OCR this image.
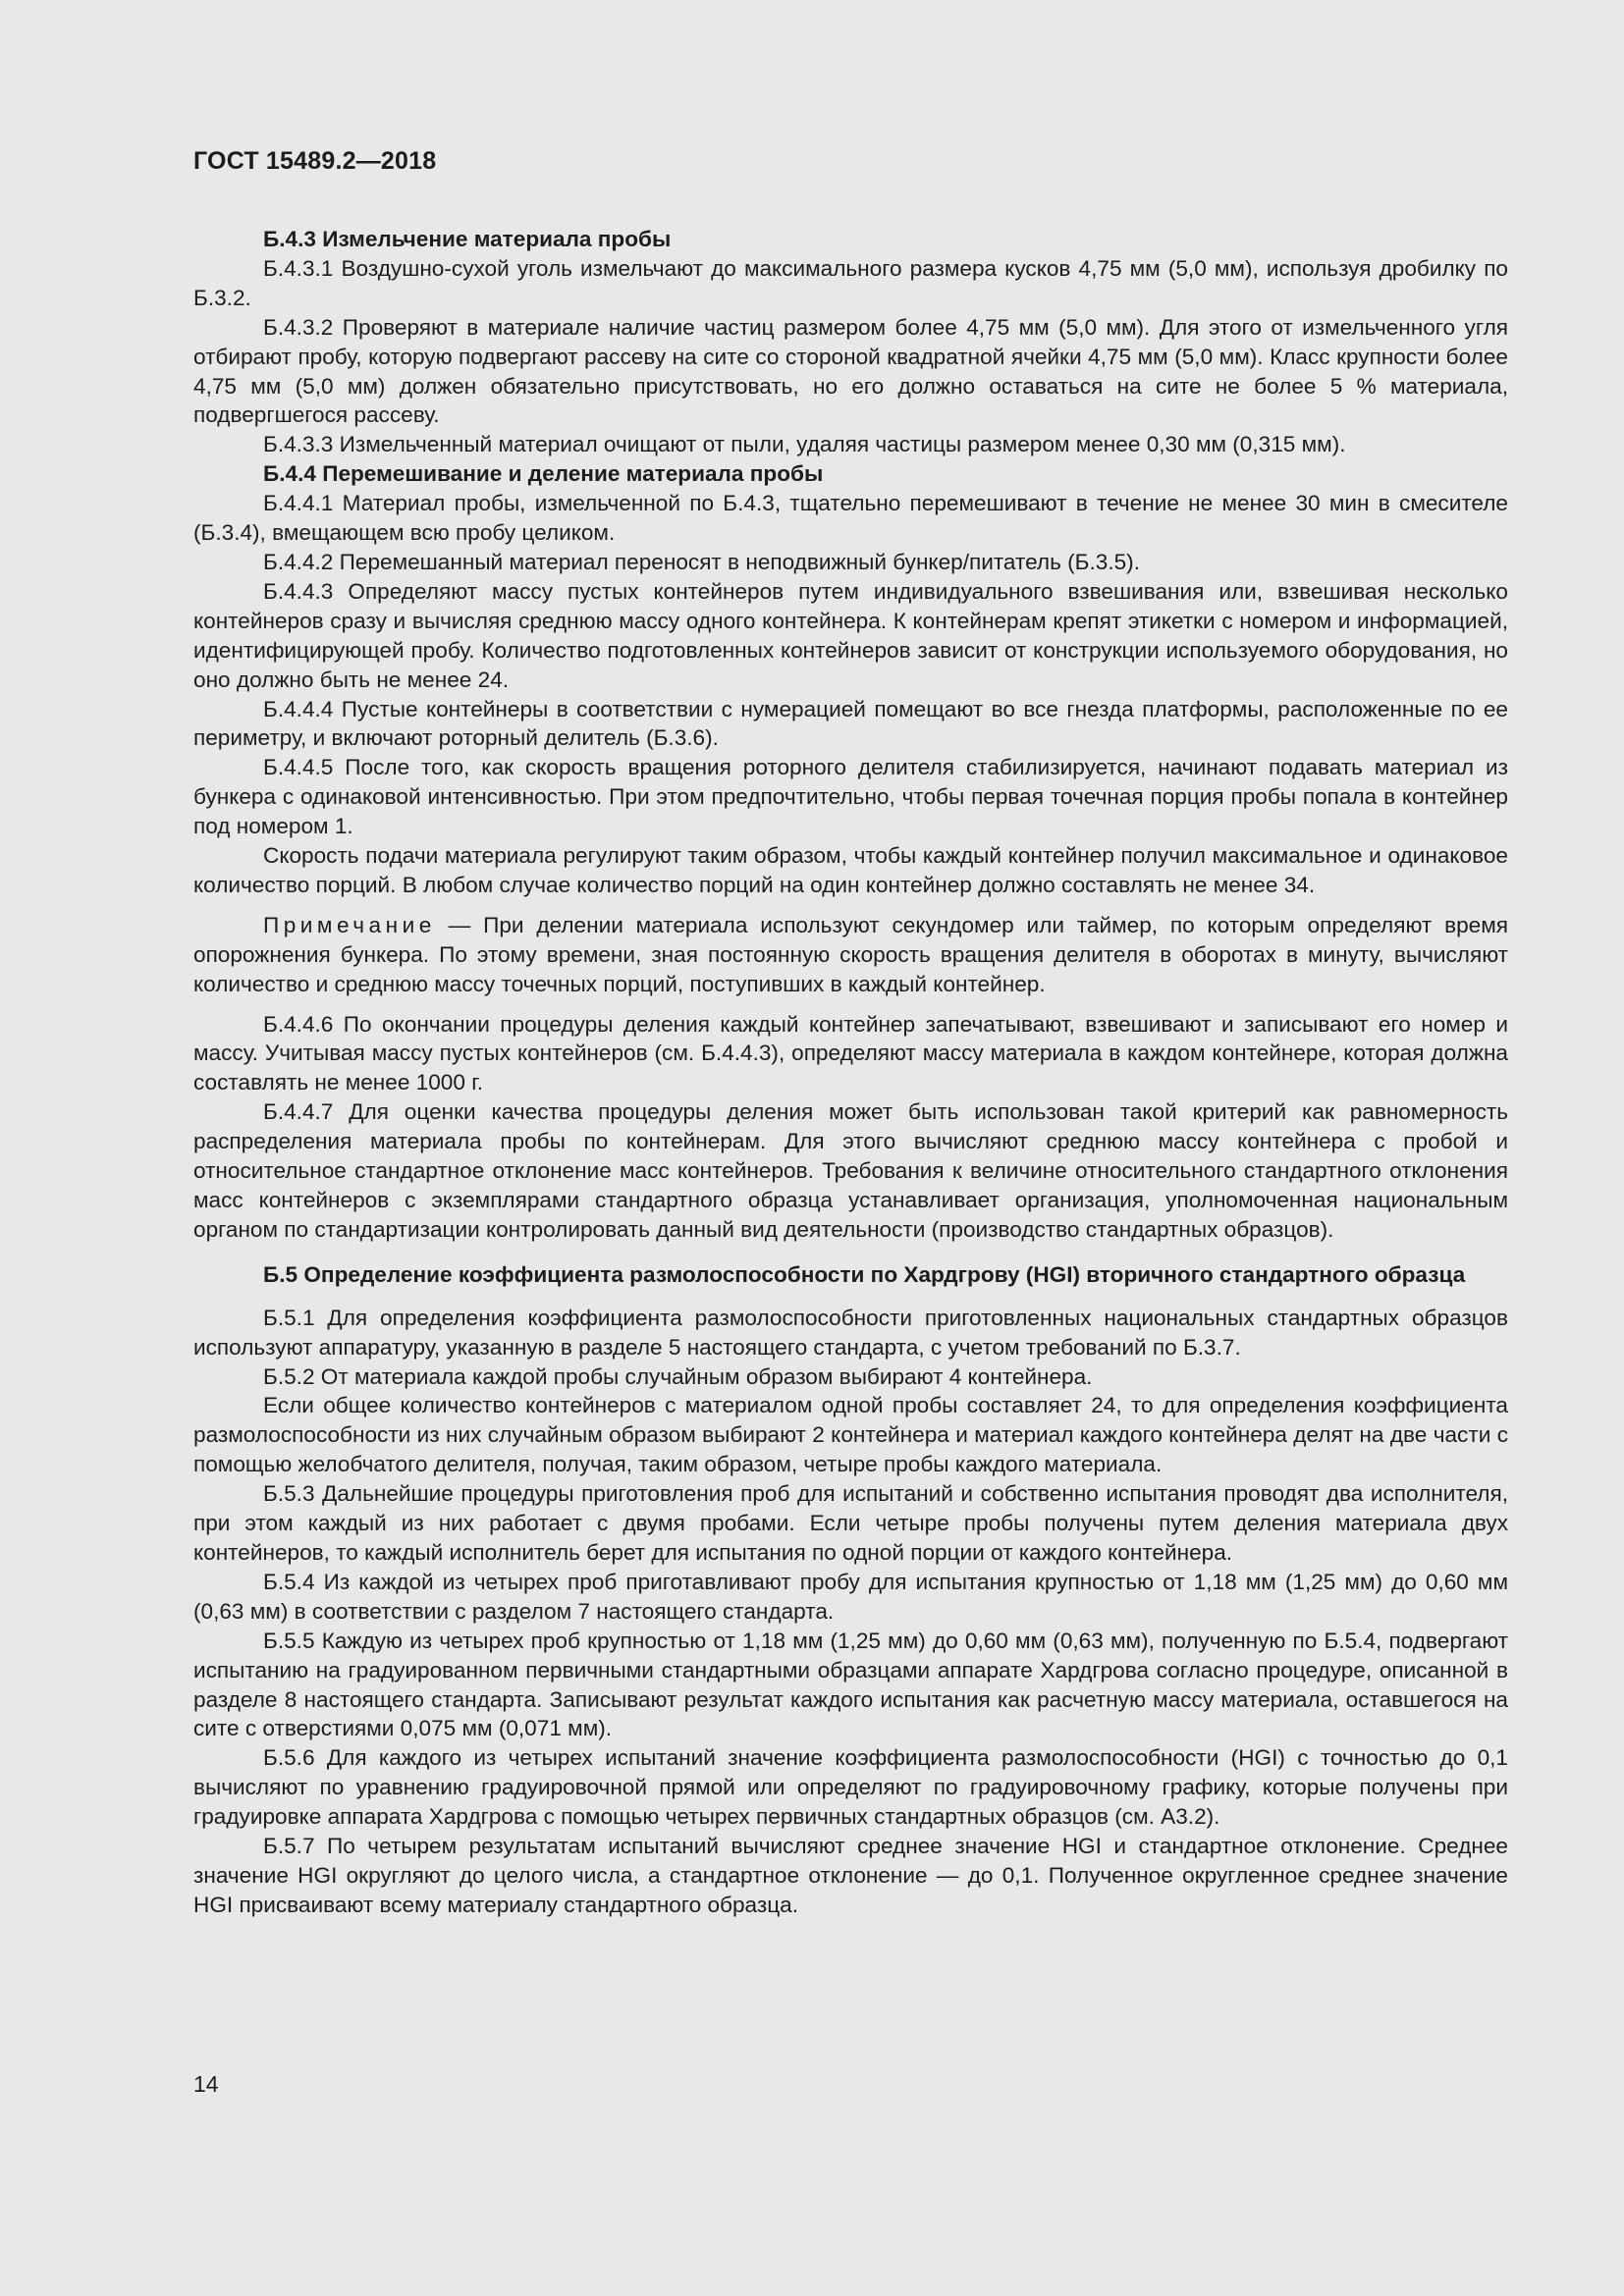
ГОСТ 15489.2—2018

Б.4.3 Измельчение материала пробы

Б.4.3.1 Воздушно-сухой уголь измельчают до максимального размера кусков 4,75 мм (5,0 мм), используя дробилку по Б.3.2.

Б.4.3.2 Проверяют в материале наличие частиц размером более 4,75 мм (5,0 мм). Для этого от измельченного угля отбирают пробу, которую подвергают рассеву на сите со стороной квадратной ячейки 4,75 мм (5,0 мм). Класс крупности более 4,75 мм (5,0 мм) должен обязательно присутствовать, но его должно оставаться на сите не более 5 % материала, подвергшегося рассеву.

Б.4.3.3 Измельченный материал очищают от пыли, удаляя частицы размером менее 0,30 мм (0,315 мм).

Б.4.4 Перемешивание и деление материала пробы

Б.4.4.1 Материал пробы, измельченной по Б.4.3, тщательно перемешивают в течение не менее 30 мин в смесителе (Б.3.4), вмещающем всю пробу целиком.

Б.4.4.2 Перемешанный материал переносят в неподвижный бункер/питатель (Б.3.5).

Б.4.4.3 Определяют массу пустых контейнеров путем индивидуального взвешивания или, взвешивая несколько контейнеров сразу и вычисляя среднюю массу одного контейнера. К контейнерам крепят этикетки с номером и информацией, идентифицирующей пробу. Количество подготовленных контейнеров зависит от конструкции используемого оборудования, но оно должно быть не менее 24.

Б.4.4.4 Пустые контейнеры в соответствии с нумерацией помещают во все гнезда платформы, расположенные по ее периметру, и включают роторный делитель (Б.3.6).

Б.4.4.5 После того, как скорость вращения роторного делителя стабилизируется, начинают подавать материал из бункера с одинаковой интенсивностью. При этом предпочтительно, чтобы первая точечная порция пробы попала в контейнер под номером 1.

Скорость подачи материала регулируют таким образом, чтобы каждый контейнер получил максимальное и одинаковое количество порций. В любом случае количество порций на один контейнер должно составлять не менее 34.

Примечание — При делении материала используют секундомер или таймер, по которым определяют время опорожнения бункера. По этому времени, зная постоянную скорость вращения делителя в оборотах в минуту, вычисляют количество и среднюю массу точечных порций, поступивших в каждый контейнер.

Б.4.4.6 По окончании процедуры деления каждый контейнер запечатывают, взвешивают и записывают его номер и массу. Учитывая массу пустых контейнеров (см. Б.4.4.3), определяют массу материала в каждом контейнере, которая должна составлять не менее 1000 г.

Б.4.4.7 Для оценки качества процедуры деления может быть использован такой критерий как равномерность распределения материала пробы по контейнерам. Для этого вычисляют среднюю массу контейнера с пробой и относительное стандартное отклонение масс контейнеров. Требования к величине относительного стандартного отклонения масс контейнеров с экземплярами стандартного образца устанавливает организация, уполномоченная национальным органом по стандартизации контролировать данный вид деятельности (производство стандартных образцов).

Б.5 Определение коэффициента размолоспособности по Хардгрову (HGI) вторичного стандартного образца

Б.5.1 Для определения коэффициента размолоспособности приготовленных национальных стандартных образцов используют аппаратуру, указанную в разделе 5 настоящего стандарта, с учетом требований по Б.3.7.

Б.5.2 От материала каждой пробы случайным образом выбирают 4 контейнера.

Если общее количество контейнеров с материалом одной пробы составляет 24, то для определения коэффициента размолоспособности из них случайным образом выбирают 2 контейнера и материал каждого контейнера делят на две части с помощью желобчатого делителя, получая, таким образом, четыре пробы каждого материала.

Б.5.3 Дальнейшие процедуры приготовления проб для испытаний и собственно испытания проводят два исполнителя, при этом каждый из них работает с двумя пробами. Если четыре пробы получены путем деления материала двух контейнеров, то каждый исполнитель берет для испытания по одной порции от каждого контейнера.

Б.5.4 Из каждой из четырех проб приготавливают пробу для испытания крупностью от 1,18 мм (1,25 мм) до 0,60 мм (0,63 мм) в соответствии с разделом 7 настоящего стандарта.

Б.5.5 Каждую из четырех проб крупностью от 1,18 мм (1,25 мм) до 0,60 мм (0,63 мм), полученную по Б.5.4, подвергают испытанию на градуированном первичными стандартными образцами аппарате Хардгрова согласно процедуре, описанной в разделе 8 настоящего стандарта. Записывают результат каждого испытания как расчетную массу материала, оставшегося на сите с отверстиями 0,075 мм (0,071 мм).

Б.5.6 Для каждого из четырех испытаний значение коэффициента размолоспособности (HGI) с точностью до 0,1 вычисляют по уравнению градуировочной прямой или определяют по градуировочному графику, которые получены при градуировке аппарата Хардгрова с помощью четырех первичных стандартных образцов (см. А3.2).

Б.5.7 По четырем результатам испытаний вычисляют среднее значение HGI и стандартное отклонение. Среднее значение HGI округляют до целого числа, а стандартное отклонение — до 0,1. Полученное округленное среднее значение HGI присваивают всему материалу стандартного образца.

14
